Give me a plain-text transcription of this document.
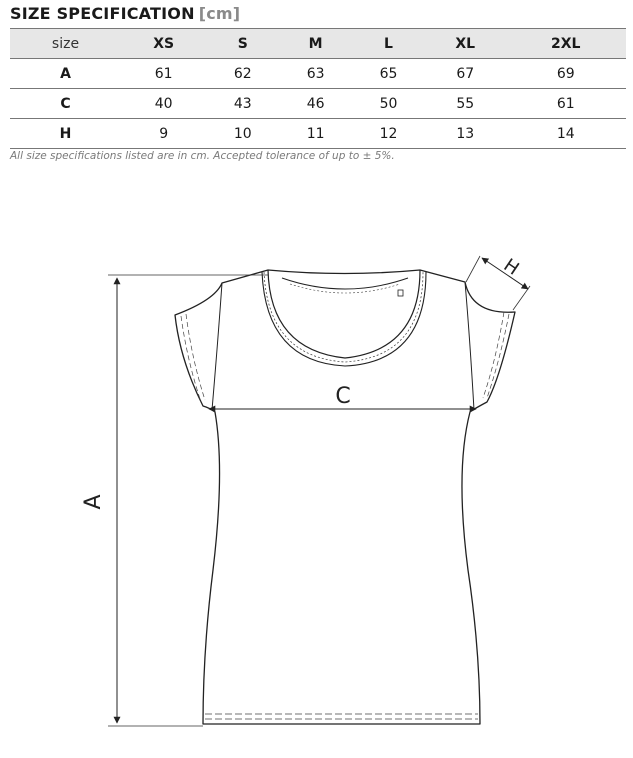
SIZE SPECIFICATION [cm]
size	XS	S	M	L	XL	2XL
A	61	62	63	65	67	69
C	40	43	46	50	55	61
H	9	10	11	12	13	14
All size specifications listed are in cm. Accepted tolerance of up to ± 5%.
A
C
H
